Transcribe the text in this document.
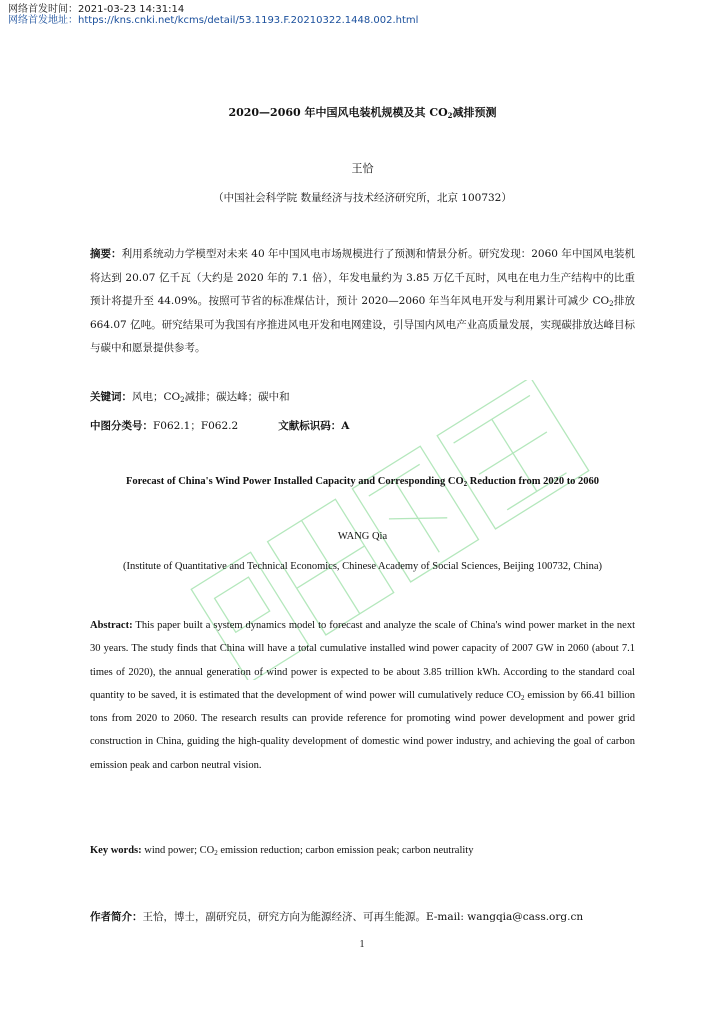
网络首发时间：2021-03-23 14:31:14
网络首发地址：https://kns.cnki.net/kcms/detail/53.1193.F.20210322.1448.002.html
2020—2060 年中国风电装机规模及其 $CO_2$减排预测
王恰
（中国社会科学院 数量经济与技术经济研究所，北京 100732）
摘要：利用系统动力学模型对未来 40 年中国风电市场规模进行了预测和情景分析。研究发现：2060 年中国风电装机将达到 20.07 亿千瓦（大约是 2020 年的 7.1 倍），年发电量约为 3.85 万亿千瓦时，风电在电力生产结构中的比重预计将提升至 44.09%。按照可节省的标准煤估计，预计 2020—2060 年当年风电开发与利用累计可减少 $CO_2$排放 664.07 亿吨。研究结果可为我国有序推进风电开发和电网建设，引导国内风电产业高质量发展，实现碳排放达峰目标与碳中和愿景提供参考。
关键词：风电；$CO_2$减排；碳达峰；碳中和
中图分类号：F062.1；F062.2	文献标识码：A
Forecast of China's Wind Power Installed Capacity and Corresponding $CO_2$ Reduction from 2020 to 2060
WANG Qia
(Institute of Quantitative and Technical Economics, Chinese Academy of Social Sciences, Beijing 100732, China)
Abstract: This paper built a system dynamics model to forecast and analyze the scale of China's wind power market in the next 30 years. The study finds that China will have a total cumulative installed wind power capacity of 2007 GW in 2060 (about 7.1 times of 2020), the annual generation of wind power is expected to be about 3.85 trillion kWh. According to the standard coal quantity to be saved, it is estimated that the development of wind power will cumulatively reduce $CO_2$ emission by 66.41 billion tons from 2020 to 2060. The research results can provide reference for promoting wind power development and power grid construction in China, guiding the high-quality development of domestic wind power industry, and achieving the goal of carbon emission peak and carbon neutral vision.
Key words: wind power; $CO_2$ emission reduction; carbon emission peak; carbon neutrality
作者简介：王恰，博士，副研究员，研究方向为能源经济、可再生能源。E-mail: wangqia@cass.org.cn
1
